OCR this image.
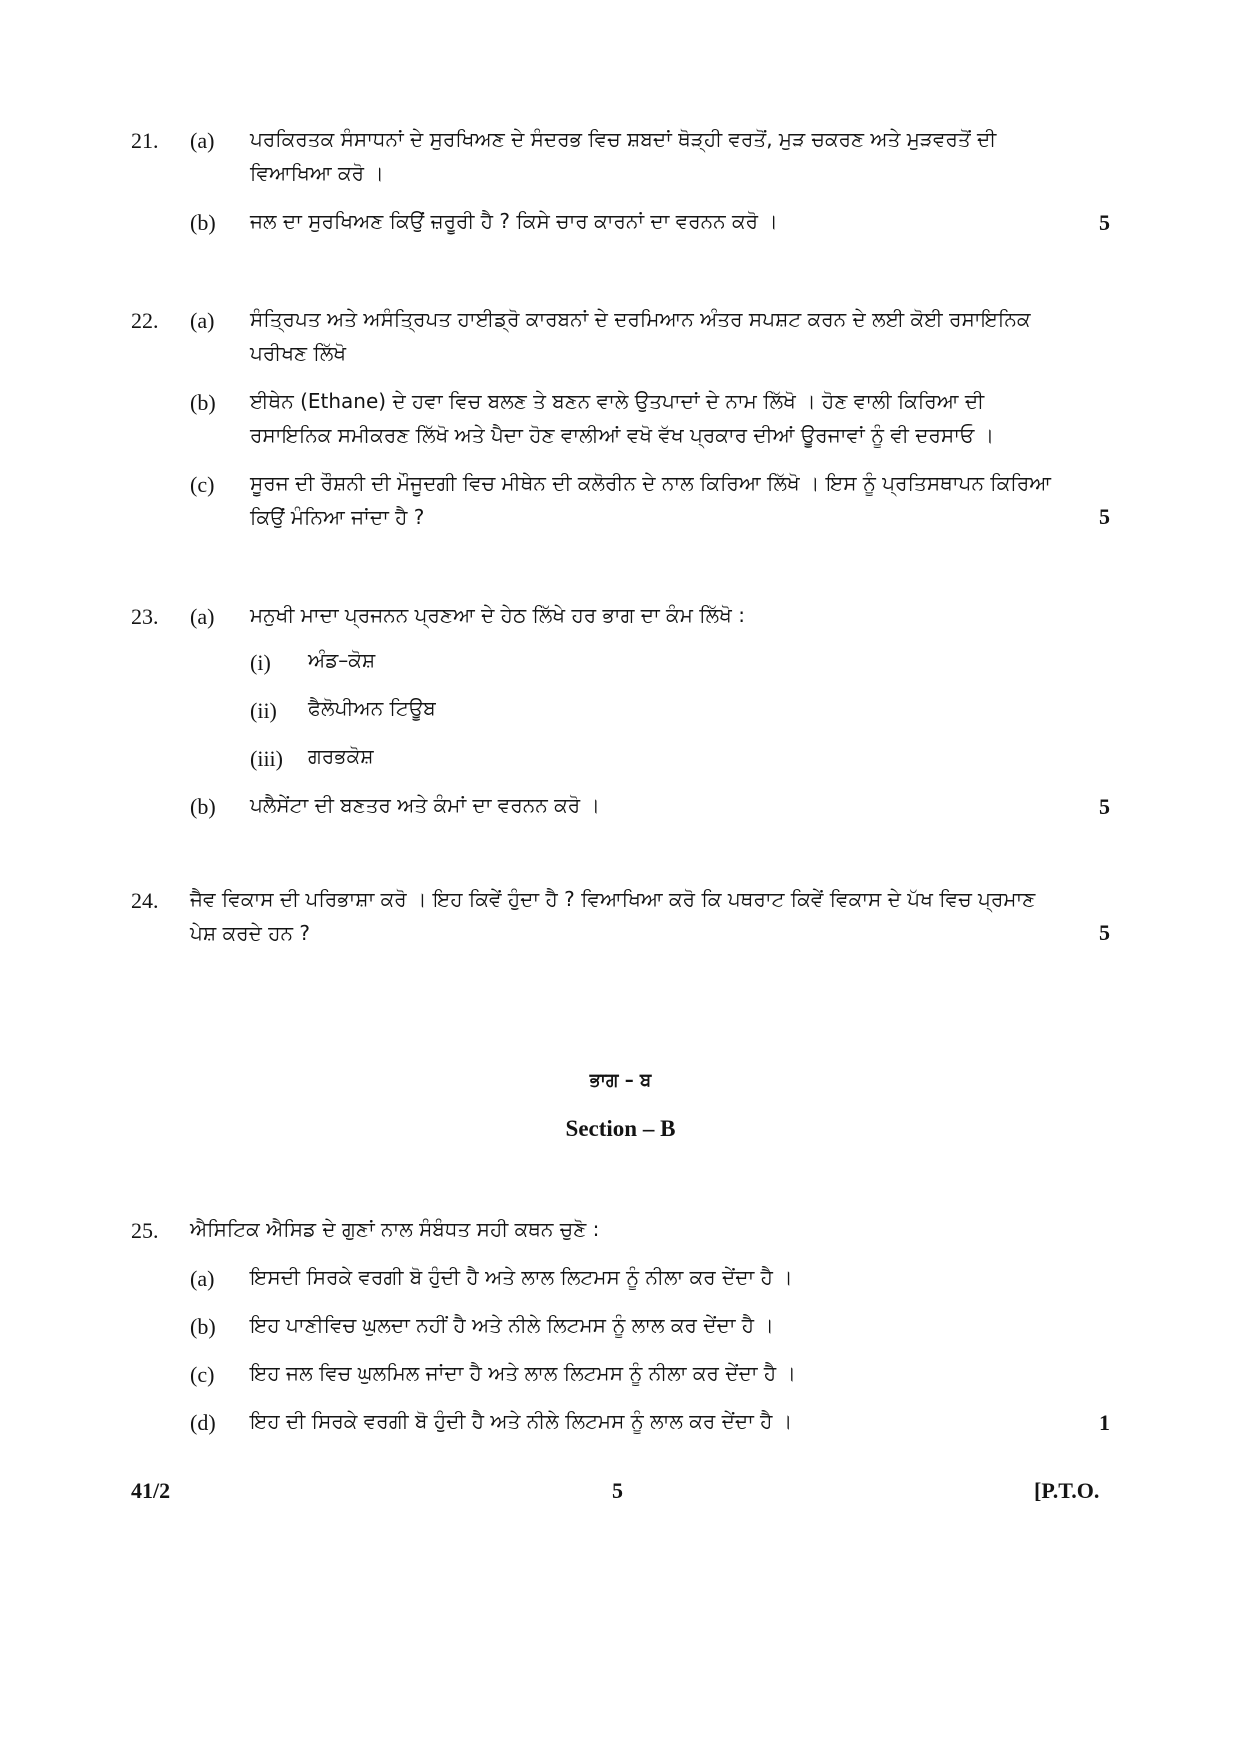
21. (a) ਪਰਕਿਰਤਕ ਸੰਸਾਧਨਾਂ ਦੇ ਸੁਰਖਿਅਣ ਦੇ ਸੰਦਰਭ ਵਿਚ ਸ਼ਬਦਾਂ ਥੋੜ੍ਹੀ ਵਰਤੋਂ, ਮੁੜ ਚਕਰਣ ਅਤੇ ਮੁੜਵਰਤੋਂ ਦੀ ਵਿਆਖਿਆ ਕਰੋ ।
(b) ਜਲ ਦਾ ਸੁਰਖਿਅਣ ਕਿਉਂ ਜ਼ਰੂਰੀ ਹੈ ? ਕਿਸੇ ਚਾਰ ਕਾਰਨਾਂ ਦਾ ਵਰਨਨ ਕਰੋ ।	5
22. (a) ਸੰਤ੍ਰਿਪਤ ਅਤੇ ਅਸੰਤ੍ਰਿਪਤ ਹਾਈਡ੍ਰੋ ਕਾਰਬਨਾਂ ਦੇ ਦਰਮਿਆਨ ਅੰਤਰ ਸਪਸ਼ਟ ਕਰਨ ਦੇ ਲਈ ਕੋਈ ਰਸਾਇਨਿਕ ਪਰੀਖਣ ਲਿੱਖੋ
(b) ਈਥੇਨ (Ethane) ਦੇ ਹਵਾ ਵਿਚ ਬਲਣ ਤੇ ਬਣਨ ਵਾਲੇ ਉਤਪਾਦਾਂ ਦੇ ਨਾਮ ਲਿੱਖੋ । ਹੋਣ ਵਾਲੀ ਕਿਰਿਆ ਦੀ ਰਸਾਇਨਿਕ ਸਮੀਕਰਣ ਲਿੱਖੋ ਅਤੇ ਪੈਦਾ ਹੋਣ ਵਾਲੀਆਂ ਵਖੋ ਵੱਖ ਪ੍ਰਕਾਰ ਦੀਆਂ ਊਰਜਾਵਾਂ ਨੂੰ ਵੀ ਦਰਸਾਓ ।
(c) ਸੂਰਜ ਦੀ ਰੌਸ਼ਨੀ ਦੀ ਮੌਜੂਦਗੀ ਵਿਚ ਮੀਥੇਨ ਦੀ ਕਲੋਰੀਨ ਦੇ ਨਾਲ ਕਿਰਿਆ ਲਿੱਖੋ । ਇਸ ਨੂੰ ਪ੍ਰਤਿਸਥਾਪਨ ਕਿਰਿਆ ਕਿਉਂ ਮੰਨਿਆ ਜਾਂਦਾ ਹੈ ?	5
23. (a) ਮਨੁਖੀ ਮਾਦਾ ਪ੍ਰਜਨਨ ਪ੍ਰਣਆ ਦੇ ਹੇਠ ਲਿੱਖੇ ਹਰ ਭਾਗ ਦਾ ਕੰਮ ਲਿੱਖੋ :
(i) ਅੰਡ–ਕੋਸ਼
(ii) ਫੈਲੋਪੀਅਨ ਟਿਊਬ
(iii) ਗਰਭਕੋਸ਼
(b) ਪਲੈਸੇਂਟਾ ਦੀ ਬਣਤਰ ਅਤੇ ਕੰਮਾਂ ਦਾ ਵਰਨਨ ਕਰੋ ।	5
24. ਜੈਵ ਵਿਕਾਸ ਦੀ ਪਰਿਭਾਸ਼ਾ ਕਰੋ । ਇਹ ਕਿਵੇਂ ਹੁੰਦਾ ਹੈ ? ਵਿਆਖਿਆ ਕਰੋ ਕਿ ਪਥਰਾਟ ਕਿਵੇਂ ਵਿਕਾਸ ਦੇ ਪੱਖ ਵਿਚ ਪ੍ਰਮਾਣ ਪੇਸ਼ ਕਰਦੇ ਹਨ ?	5
ਭਾਗ – ਬ
Section – B
25. ਐਸਿਟਿਕ ਐਸਿਡ ਦੇ ਗੁਣਾਂ ਨਾਲ ਸੰਬੰਧਤ ਸਹੀ ਕਥਨ ਚੁਣੋ :
(a) ਇਸਦੀ ਸਿਰਕੇ ਵਰਗੀ ਬੋ ਹੁੰਦੀ ਹੈ ਅਤੇ ਲਾਲ ਲਿਟਮਸ ਨੂੰ ਨੀਲਾ ਕਰ ਦੇਂਦਾ ਹੈ ।
(b) ਇਹ ਪਾਣੀਵਿਚ ਘੁਲਦਾ ਨਹੀਂ ਹੈ ਅਤੇ ਨੀਲੇ ਲਿਟਮਸ ਨੂੰ ਲਾਲ ਕਰ ਦੇਂਦਾ ਹੈ ।
(c) ਇਹ ਜਲ ਵਿਚ ਘੁਲਮਿਲ ਜਾਂਦਾ ਹੈ ਅਤੇ ਲਾਲ ਲਿਟਮਸ ਨੂੰ ਨੀਲਾ ਕਰ ਦੇਂਦਾ ਹੈ ।
(d) ਇਹ ਦੀ ਸਿਰਕੇ ਵਰਗੀ ਬੋ ਹੁੰਦੀ ਹੈ ਅਤੇ ਨੀਲੇ ਲਿਟਮਸ ਨੂੰ ਲਾਲ ਕਰ ਦੇਂਦਾ ਹੈ ।	1
41/2	5	[P.T.O.
